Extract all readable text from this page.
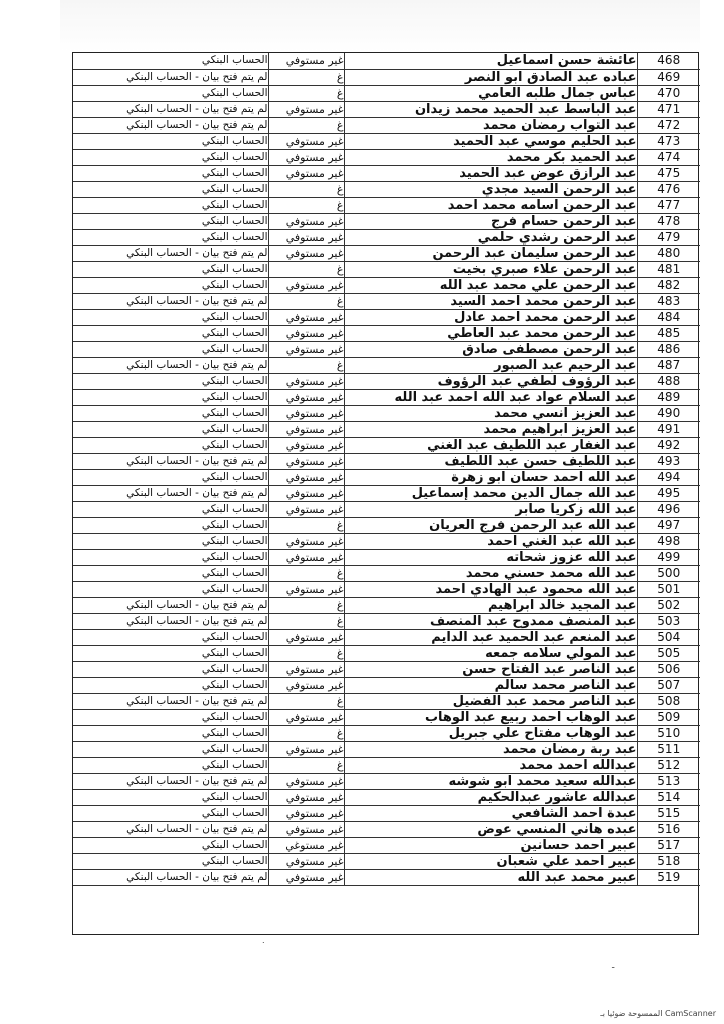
الحساب البنكي	غير مستوفي	عائشة حسن اسماعيل	468
لم يتم فتح بيان - الحساب البنكي	غ	عباده عبد الصادق ابو النصر	469
الحساب البنكي	غ	عباس جمال طلبه العامي	470
لم يتم فتح بيان - الحساب البنكي	غير مستوفي	عبد الباسط عبد الحميد محمد زيدان	471
لم يتم فتح بيان - الحساب البنكي	غ	عبد التواب رمضان محمد	472
الحساب البنكي	غير مستوفي	عبد الحليم موسي عبد الحميد	473
الحساب البنكي	غير مستوفي	عبد الحميد بكر محمد	474
الحساب البنكي	غير مستوفي	عبد الرازق عوض عبد الحميد	475
الحساب البنكي	غ	عبد الرحمن السيد مجدي	476
الحساب البنكي	غ	عبد الرحمن اسامه محمد احمد	477
الحساب البنكي	غير مستوفي	عبد الرحمن حسام فرج	478
الحساب البنكي	غير مستوفي	عبد الرحمن رشدي حلمي	479
لم يتم فتح بيان - الحساب البنكي	غير مستوفي	عبد الرحمن سليمان عبد الرحمن	480
الحساب البنكي	غ	عبد الرحمن علاء صبري بخيت	481
الحساب البنكي	غير مستوفي	عبد الرحمن علي محمد عبد الله	482
لم يتم فتح بيان - الحساب البنكي	غ	عبد الرحمن محمد احمد السيد	483
الحساب البنكي	غير مستوفي	عبد الرحمن محمد احمد عادل	484
الحساب البنكي	غير مستوفي	عبد الرحمن محمد عبد العاطي	485
الحساب البنكي	غير مستوفي	عبد الرحمن مصطفى صادق	486
لم يتم فتح بيان - الحساب البنكي	غ	عبد الرحيم عبد الصبور	487
الحساب البنكي	غير مستوفي	عبد الرؤوف لطفي عبد الرؤوف	488
الحساب البنكي	غير مستوفي	عبد السلام عواد عبد الله احمد عبد الله	489
الحساب البنكي	غير مستوفي	عبد العزيز انسي محمد	490
الحساب البنكي	غير مستوفي	عبد العزيز ابراهيم محمد	491
الحساب البنكي	غير مستوفي	عبد الغفار عبد اللطيف عبد الغني	492
لم يتم فتح بيان - الحساب البنكي	غير مستوفي	عبد اللطيف حسن عبد اللطيف	493
الحساب البنكي	غير مستوفي	عبد الله احمد حسان ابو زهرة	494
لم يتم فتح بيان - الحساب البنكي	غير مستوفي	عبد الله جمال الدين محمد إسماعيل	495
الحساب البنكي	غير مستوفي	عبد الله زكريا صابر	496
الحساب البنكي	غ	عبد الله عبد الرحمن فرج العريان	497
الحساب البنكي	غير مستوفي	عبد الله عبد الغني احمد	498
الحساب البنكي	غير مستوفي	عبد الله عزوز شحاته	499
الحساب البنكي	غ	عبد الله محمد حسني محمد	500
الحساب البنكي	غير مستوفي	عبد الله محمود عبد الهادي احمد	501
لم يتم فتح بيان - الحساب البنكي	غ	عبد المجيد خالد ابراهيم	502
لم يتم فتح بيان - الحساب البنكي	غ	عبد المنصف ممدوح عبد المنصف	503
الحساب البنكي	غير مستوفي	عبد المنعم عبد الحميد عبد الدايم	504
الحساب البنكي	غ	عبد المولي سلامه جمعه	505
الحساب البنكي	غير مستوفي	عبد الناصر عبد الفتاح حسن	506
الحساب البنكي	غير مستوفي	عبد الناصر محمد سالم	507
لم يتم فتح بيان - الحساب البنكي	غ	عبد الناصر محمد عبد الفضيل	508
الحساب البنكي	غير مستوفي	عبد الوهاب احمد ربيع عبد الوهاب	509
الحساب البنكي	غ	عبد الوهاب مفتاح علي جبريل	510
الحساب البنكي	غير مستوفي	عبد ربة رمضان محمد	511
الحساب البنكي	غ	عبدالله احمد محمد	512
لم يتم فتح بيان - الحساب البنكي	غير مستوفي	عبدالله سعيد محمد ابو شوشه	513
الحساب البنكي	غير مستوفي	عبدالله عاشور عبدالحكيم	514
الحساب البنكي	غير مستوفي	عبدة احمد الشافعي	515
لم يتم فتح بيان - الحساب البنكي	غير مستوفي	عبده هاني المنسي عوض	516
الحساب البنكي	غير مستوغي	عبير احمد حسانين	517
الحساب البنكي	غير مستوفي	عبير احمد علي شعبان	518
لم يتم فتح بيان - الحساب البنكي	غير مستوفي	عبير محمد عبد الله	519
.
ـ
CamScanner الممسوحة ضوئيا بـ
